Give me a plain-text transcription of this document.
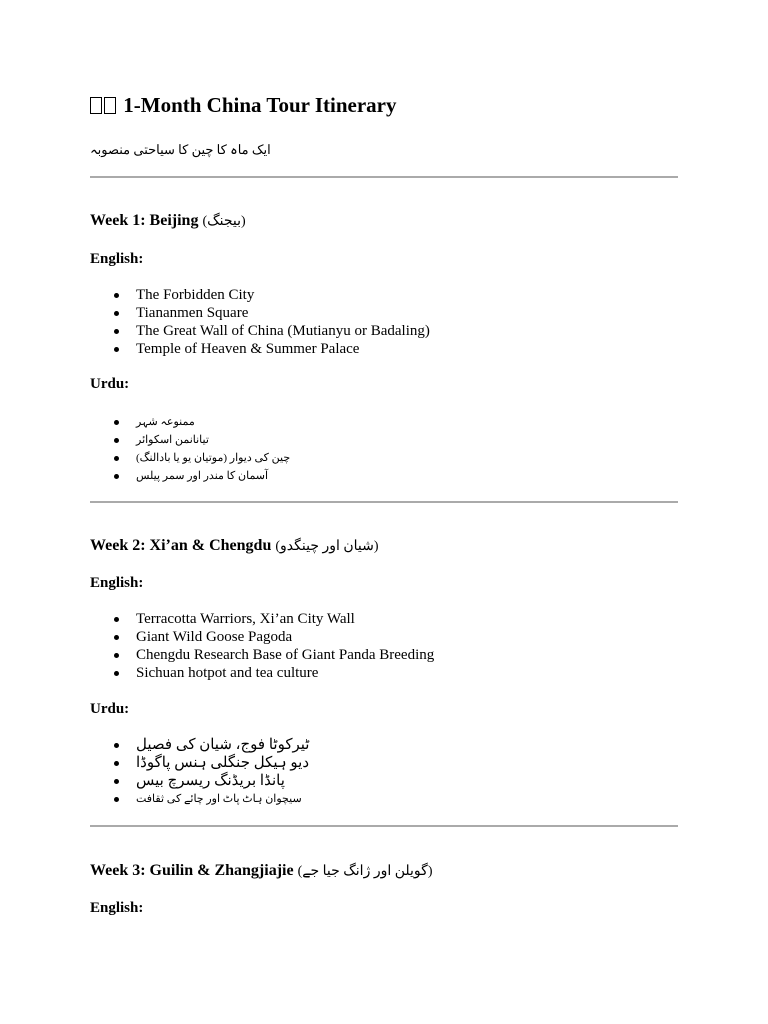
1-Month China Tour Itinerary
ایک ماہ کا چین کا سیاحتی منصوبہ
Week 1: Beijing (بیجنگ)
English:
The Forbidden City
Tiananmen Square
The Great Wall of China (Mutianyu or Badaling)
Temple of Heaven & Summer Palace
Urdu:
ممنوعہ شہر
تیانانمن اسکوائر
چین کی دیوار (موتیان یو یا بادالنگ)
آسمان کا مندر اور سمر پیلس
Week 2: Xi’an & Chengdu (شیان اور چینگدو)
English:
Terracotta Warriors, Xi’an City Wall
Giant Wild Goose Pagoda
Chengdu Research Base of Giant Panda Breeding
Sichuan hotpot and tea culture
Urdu:
ٹیرکوٹا فوج، شیان کی فصیل
دیو ہیکل جنگلی ہنس پاگوڈا
پانڈا بریڈنگ ریسرچ بیس
سیچوان ہاٹ پاٹ اور چائے کی ثقافت
Week 3: Guilin & Zhangjiajie (گویلن اور ژانگ جیا جے)
English:
